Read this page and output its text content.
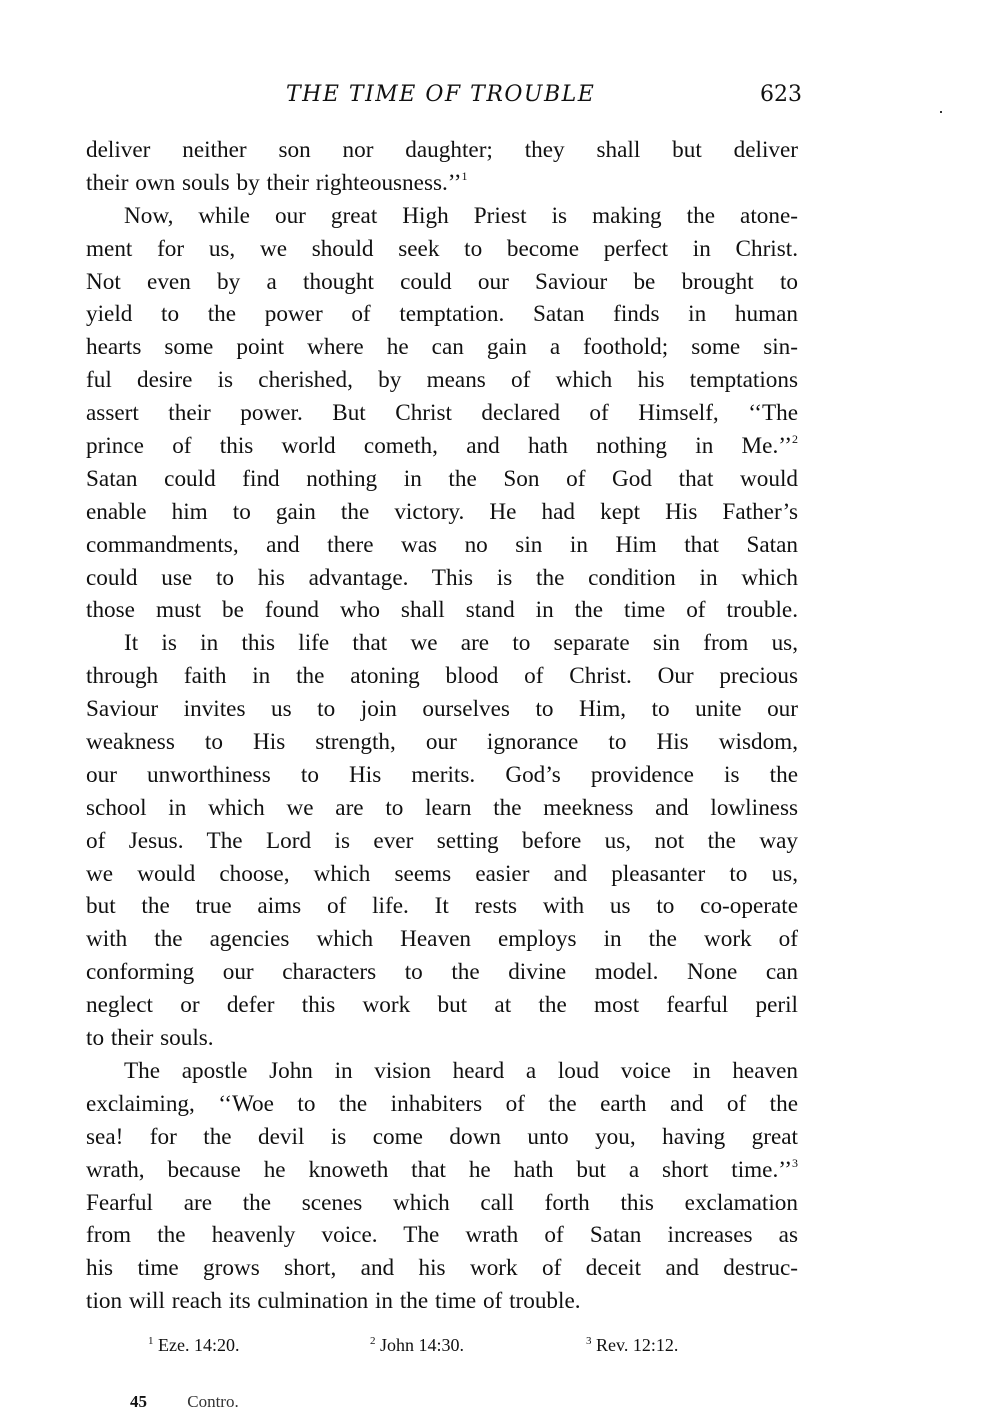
THE TIME OF TROUBLE	623
deliver neither son nor daughter; they shall but deliver
their own souls by their righteousness.’’$^1$
Now, while our great High Priest is making the atone-
ment for us, we should seek to become perfect in Christ.
Not even by a thought could our Saviour be brought to
yield to the power of temptation. Satan finds in human
hearts some point where he can gain a foothold; some sin-
ful desire is cherished, by means of which his temptations
assert their power. But Christ declared of Himself, ‘‘The
prince of this world cometh, and hath nothing in Me.’’$^2$
Satan could find nothing in the Son of God that would
enable him to gain the victory. He had kept His Father’s
commandments, and there was no sin in Him that Satan
could use to his advantage. This is the condition in which
those must be found who shall stand in the time of trouble.
It is in this life that we are to separate sin from us,
through faith in the atoning blood of Christ. Our precious
Saviour invites us to join ourselves to Him, to unite our
weakness to His strength, our ignorance to His wisdom,
our unworthiness to His merits. God’s providence is the
school in which we are to learn the meekness and lowliness
of Jesus. The Lord is ever setting before us, not the way
we would choose, which seems easier and pleasanter to us,
but the true aims of life. It rests with us to co-operate
with the agencies which Heaven employs in the work of
conforming our characters to the divine model. None can
neglect or defer this work but at the most fearful peril
to their souls.
The apostle John in vision heard a loud voice in heaven
exclaiming, ‘‘Woe to the inhabiters of the earth and of the
sea! for the devil is come down unto you, having great
wrath, because he knoweth that he hath but a short time.’’$^3$
Fearful are the scenes which call forth this exclamation
from the heavenly voice. The wrath of Satan increases as
his time grows short, and his work of deceit and destruc-
tion will reach its culmination in the time of trouble.
$^1$ Eze. 14:20.	$^2$ John 14:30.	$^3$ Rev. 12:12.
45 Contro.
